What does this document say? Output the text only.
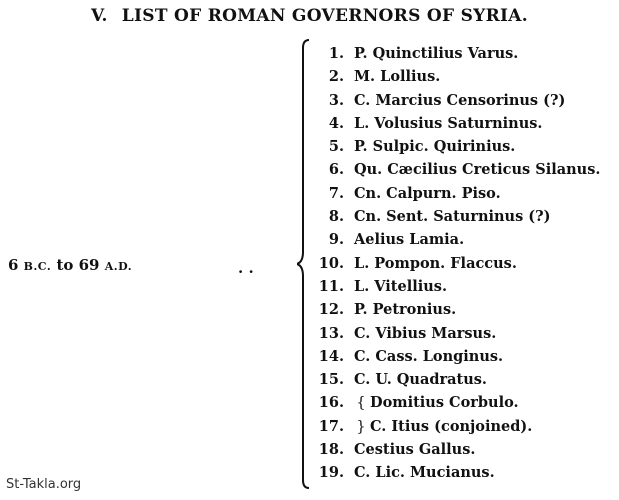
V. LIST OF ROMAN GOVERNORS OF SYRIA.
6 B.C. to 69 A.D.	. .
1. P. Quinctilius Varus.
2. M. Lollius.
3. C. Marcius Censorinus (?)
4. L. Volusius Saturninus.
5. P. Sulpic. Quirinius.
6. Qu. Cæcilius Creticus Silanus.
7. Cn. Calpurn. Piso.
8. Cn. Sent. Saturninus (?)
9. Aelius Lamia.
10. L. Pompon. Flaccus.
11. L. Vitellius.
12. P. Petronius.
13. C. Vibius Marsus.
14. C. Cass. Longinus.
15. C. U. Quadratus.
16. { Domitius Corbulo.
17. } C. Itius (conjoined).
18. Cestius Gallus.
19. C. Lic. Mucianus.
St-Takla.org
